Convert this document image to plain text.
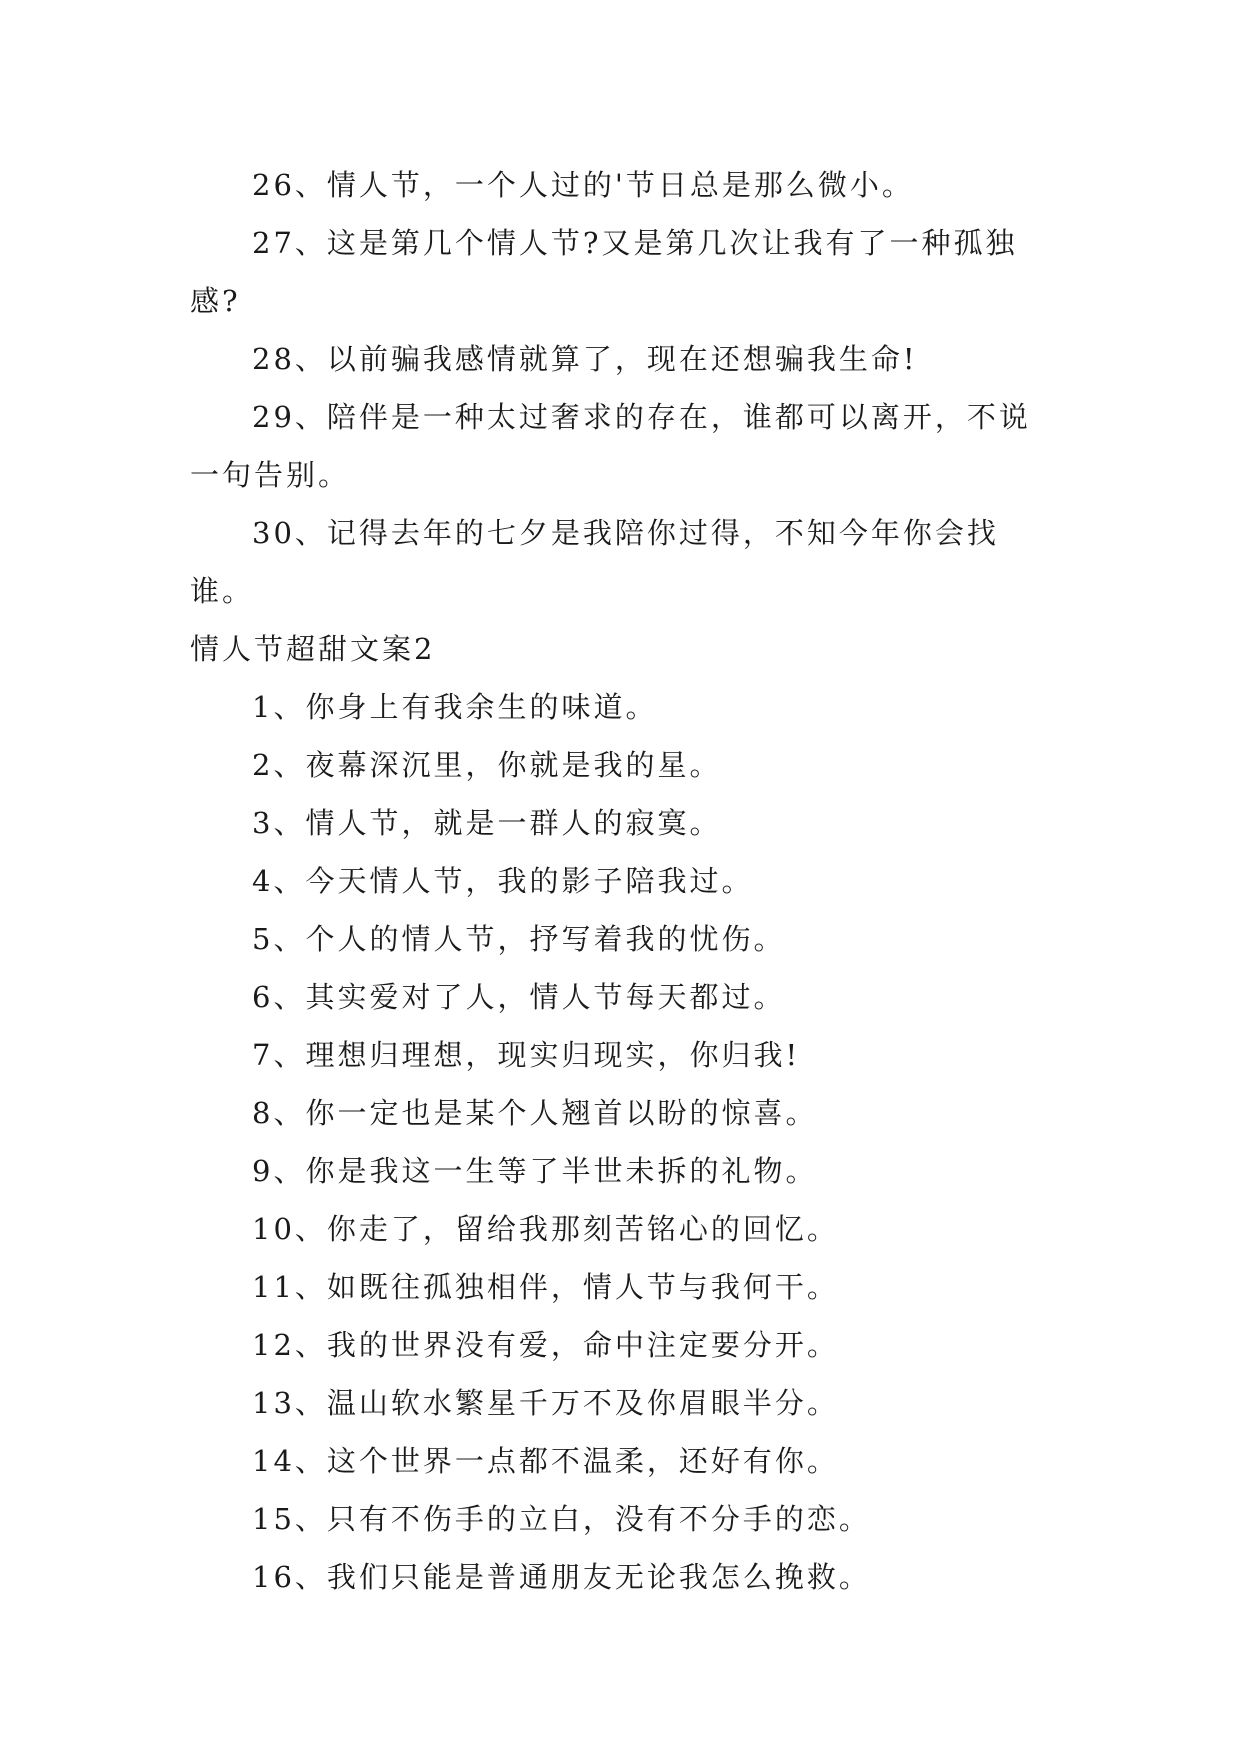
26、情人节，一个人过的'节日总是那么微小。

27、这是第几个情人节?又是第几次让我有了一种孤独感?

28、以前骗我感情就算了，现在还想骗我生命!

29、陪伴是一种太过奢求的存在，谁都可以离开，不说一句告别。

30、记得去年的七夕是我陪你过得，不知今年你会找谁。

情人节超甜文案2

1、你身上有我余生的味道。

2、夜幕深沉里，你就是我的星。

3、情人节，就是一群人的寂寞。

4、今天情人节，我的影子陪我过。

5、个人的情人节，抒写着我的忧伤。

6、其实爱对了人，情人节每天都过。

7、理想归理想，现实归现实，你归我!

8、你一定也是某个人翘首以盼的惊喜。

9、你是我这一生等了半世未拆的礼物。

10、你走了，留给我那刻苦铭心的回忆。

11、如既往孤独相伴，情人节与我何干。

12、我的世界没有爱，命中注定要分开。

13、温山软水繁星千万不及你眉眼半分。

14、这个世界一点都不温柔，还好有你。

15、只有不伤手的立白，没有不分手的恋。

16、我们只能是普通朋友无论我怎么挽救。
